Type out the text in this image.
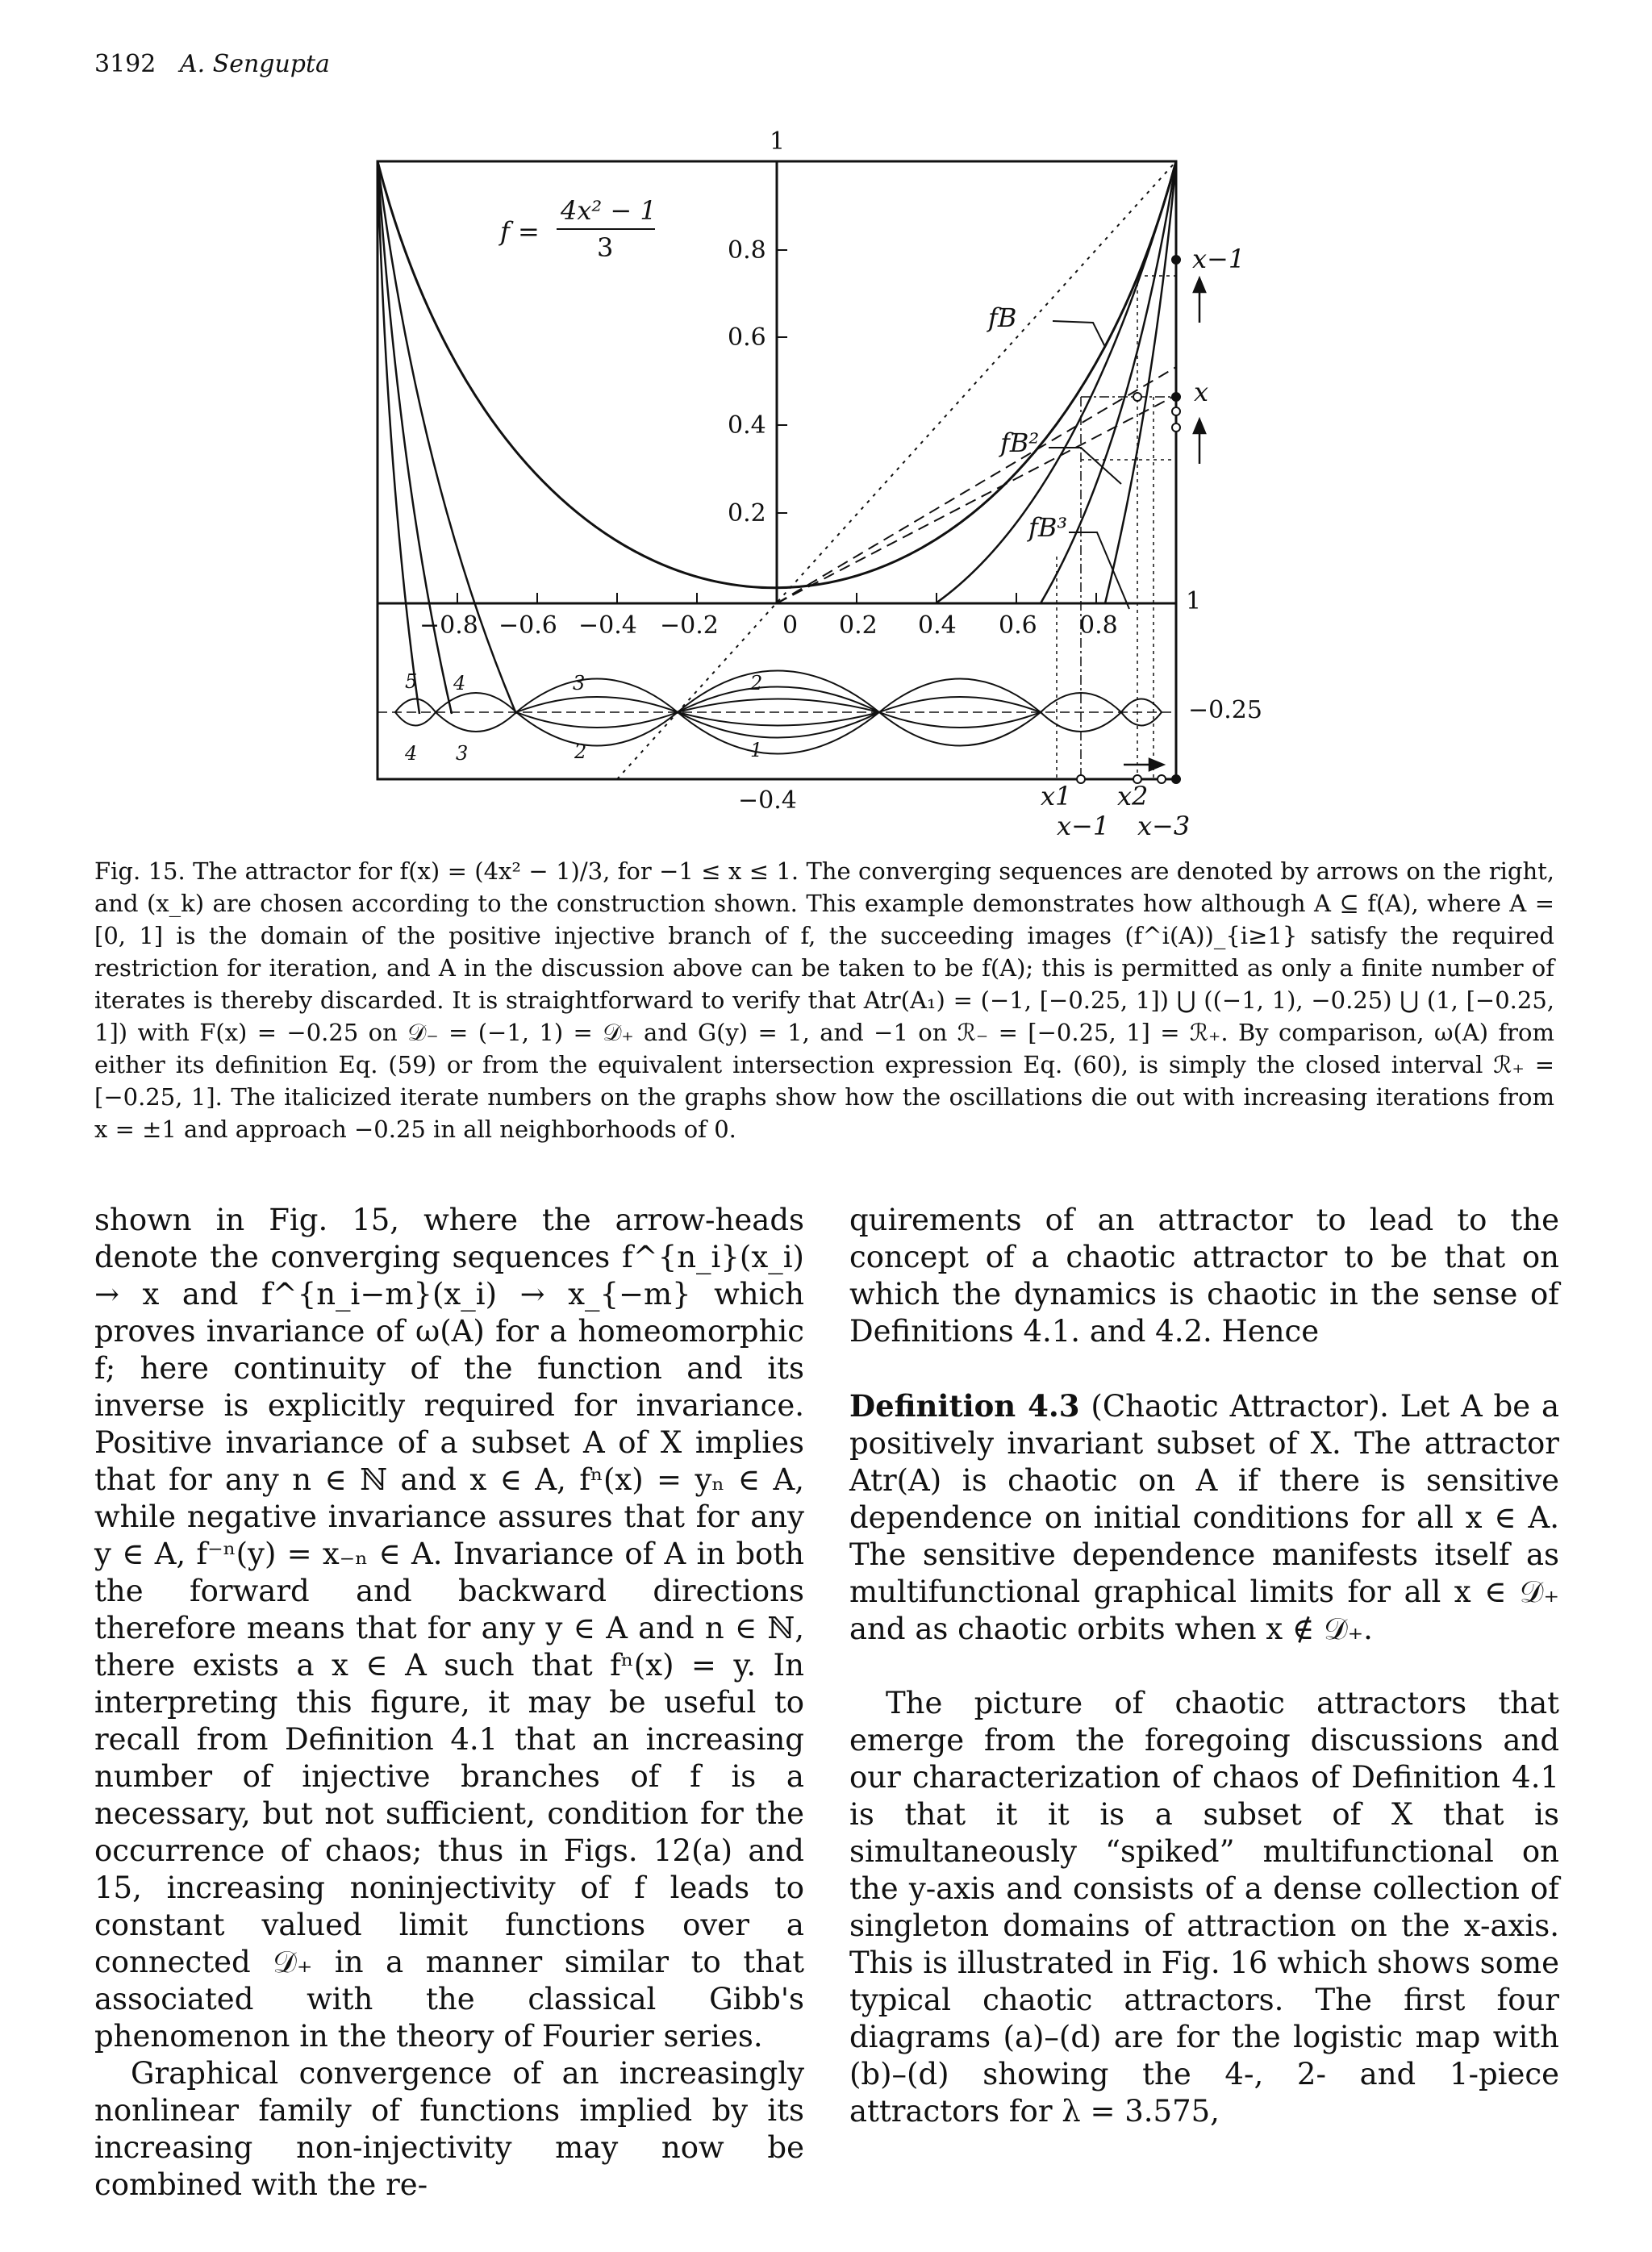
3192 A. Sengupta
1
0.8
0.6
0.4
0.2
−0.8 −0.6 −0.4 −0.2	0 0.2 0.4 0.6 0.8
1
−0.25
−0.4
f =
4x² − 1
3
fB
fB²
fB³
x−1
x
x1 x2
x−1 x−3
5 4	3	2
4 3	2	1
Fig. 15. The attractor for f(x) = (4x² − 1)/3, for −1 ≤ x ≤ 1. The converging sequences are denoted by arrows on the right, and (x_k) are chosen according to the construction shown. This example demonstrates how although A ⊆ f(A), where A = [0, 1] is the domain of the positive injective branch of f, the succeeding images (f^i(A))_{i≥1} satisfy the required restriction for iteration, and A in the discussion above can be taken to be f(A); this is permitted as only a finite number of iterates is thereby discarded. It is straightforward to verify that Atr(A₁) = (−1, [−0.25, 1]) ⋃ ((−1, 1), −0.25) ⋃ (1, [−0.25, 1]) with F(x) = −0.25 on 𝒟₋ = (−1, 1) = 𝒟₊ and G(y) = 1, and −1 on ℛ₋ = [−0.25, 1] = ℛ₊. By comparison, ω(A) from either its definition Eq. (59) or from the equivalent intersection expression Eq. (60), is simply the closed interval ℛ₊ = [−0.25, 1]. The italicized iterate numbers on the graphs show how the oscillations die out with increasing iterations from x = ±1 and approach −0.25 in all neighborhoods of 0.

shown in Fig. 15, where the arrow-heads denote the converging sequences f^{n_i}(x_i) → x and f^{n_i−m}(x_i) → x_{−m} which proves invariance of ω(A) for a homeomorphic f; here continuity of the function and its inverse is explicitly required for invariance. Positive invariance of a subset A of X implies that for any n ∈ ℕ and x ∈ A, fⁿ(x) = yₙ ∈ A, while negative invariance assures that for any y ∈ A, f⁻ⁿ(y) = x₋ₙ ∈ A. Invariance of A in both the forward and backward directions therefore means that for any y ∈ A and n ∈ ℕ, there exists a x ∈ A such that fⁿ(x) = y. In interpreting this figure, it may be useful to recall from Definition 4.1 that an increasing number of injective branches of f is a necessary, but not sufficient, condition for the occurrence of chaos; thus in Figs. 12(a) and 15, increasing noninjectivity of f leads to constant valued limit functions over a connected 𝒟₊ in a manner similar to that associated with the classical Gibb's phenomenon in the theory of Fourier series.

Graphical convergence of an increasingly nonlinear family of functions implied by its increasing non-injectivity may now be combined with the re-

quirements of an attractor to lead to the concept of a chaotic attractor to be that on which the dynamics is chaotic in the sense of Definitions 4.1. and 4.2. Hence

Definition 4.3 (Chaotic Attractor). Let A be a positively invariant subset of X. The attractor Atr(A) is chaotic on A if there is sensitive dependence on initial conditions for all x ∈ A. The sensitive dependence manifests itself as multifunctional graphical limits for all x ∈ 𝒟₊ and as chaotic orbits when x ∉ 𝒟₊.

The picture of chaotic attractors that emerge from the foregoing discussions and our characterization of chaos of Definition 4.1 is that it it is a subset of X that is simultaneously “spiked” multifunctional on the y-axis and consists of a dense collection of singleton domains of attraction on the x-axis. This is illustrated in Fig. 16 which shows some typical chaotic attractors. The first four diagrams (a)–(d) are for the logistic map with (b)–(d) showing the 4-, 2- and 1-piece attractors for λ = 3.575,
